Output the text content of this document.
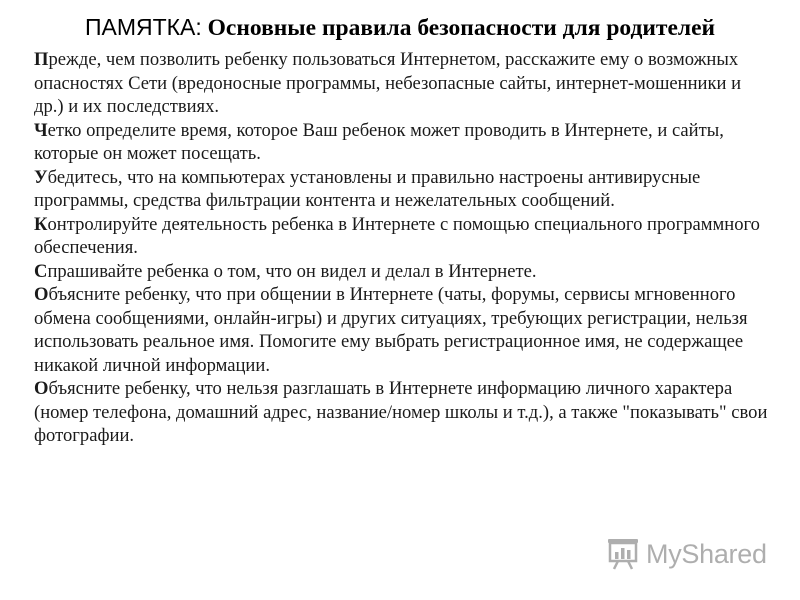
ПАМЯТКА: Основные правила безопасности для родителей

Прежде, чем позволить ребенку пользоваться Интернетом, расскажите ему о возможных опасностях Сети (вредоносные программы, небезопасные сайты, интернет-мошенники и др.) и их последствиях.

Четко определите время, которое Ваш ребенок может проводить в Интернете, и сайты, которые он может посещать.

Убедитесь, что на компьютерах установлены и правильно настроены антивирусные программы, средства фильтрации контента и нежелательных сообщений.

Контролируйте деятельность ребенка в Интернете с помощью специального программного обеспечения.

Спрашивайте ребенка о том, что он видел и делал в Интернете.

Объясните ребенку, что при общении в Интернете (чаты, форумы, сервисы мгновенного обмена сообщениями, онлайн-игры) и других ситуациях, требующих регистрации, нельзя использовать реальное имя. Помогите ему выбрать регистрационное имя, не содержащее никакой личной информации.

Объясните ребенку, что нельзя разглашать в Интернете информацию личного характера (номер телефона, домашний адрес, название/номер школы и т.д.), а также "показывать" свои фотографии.

MyShared
